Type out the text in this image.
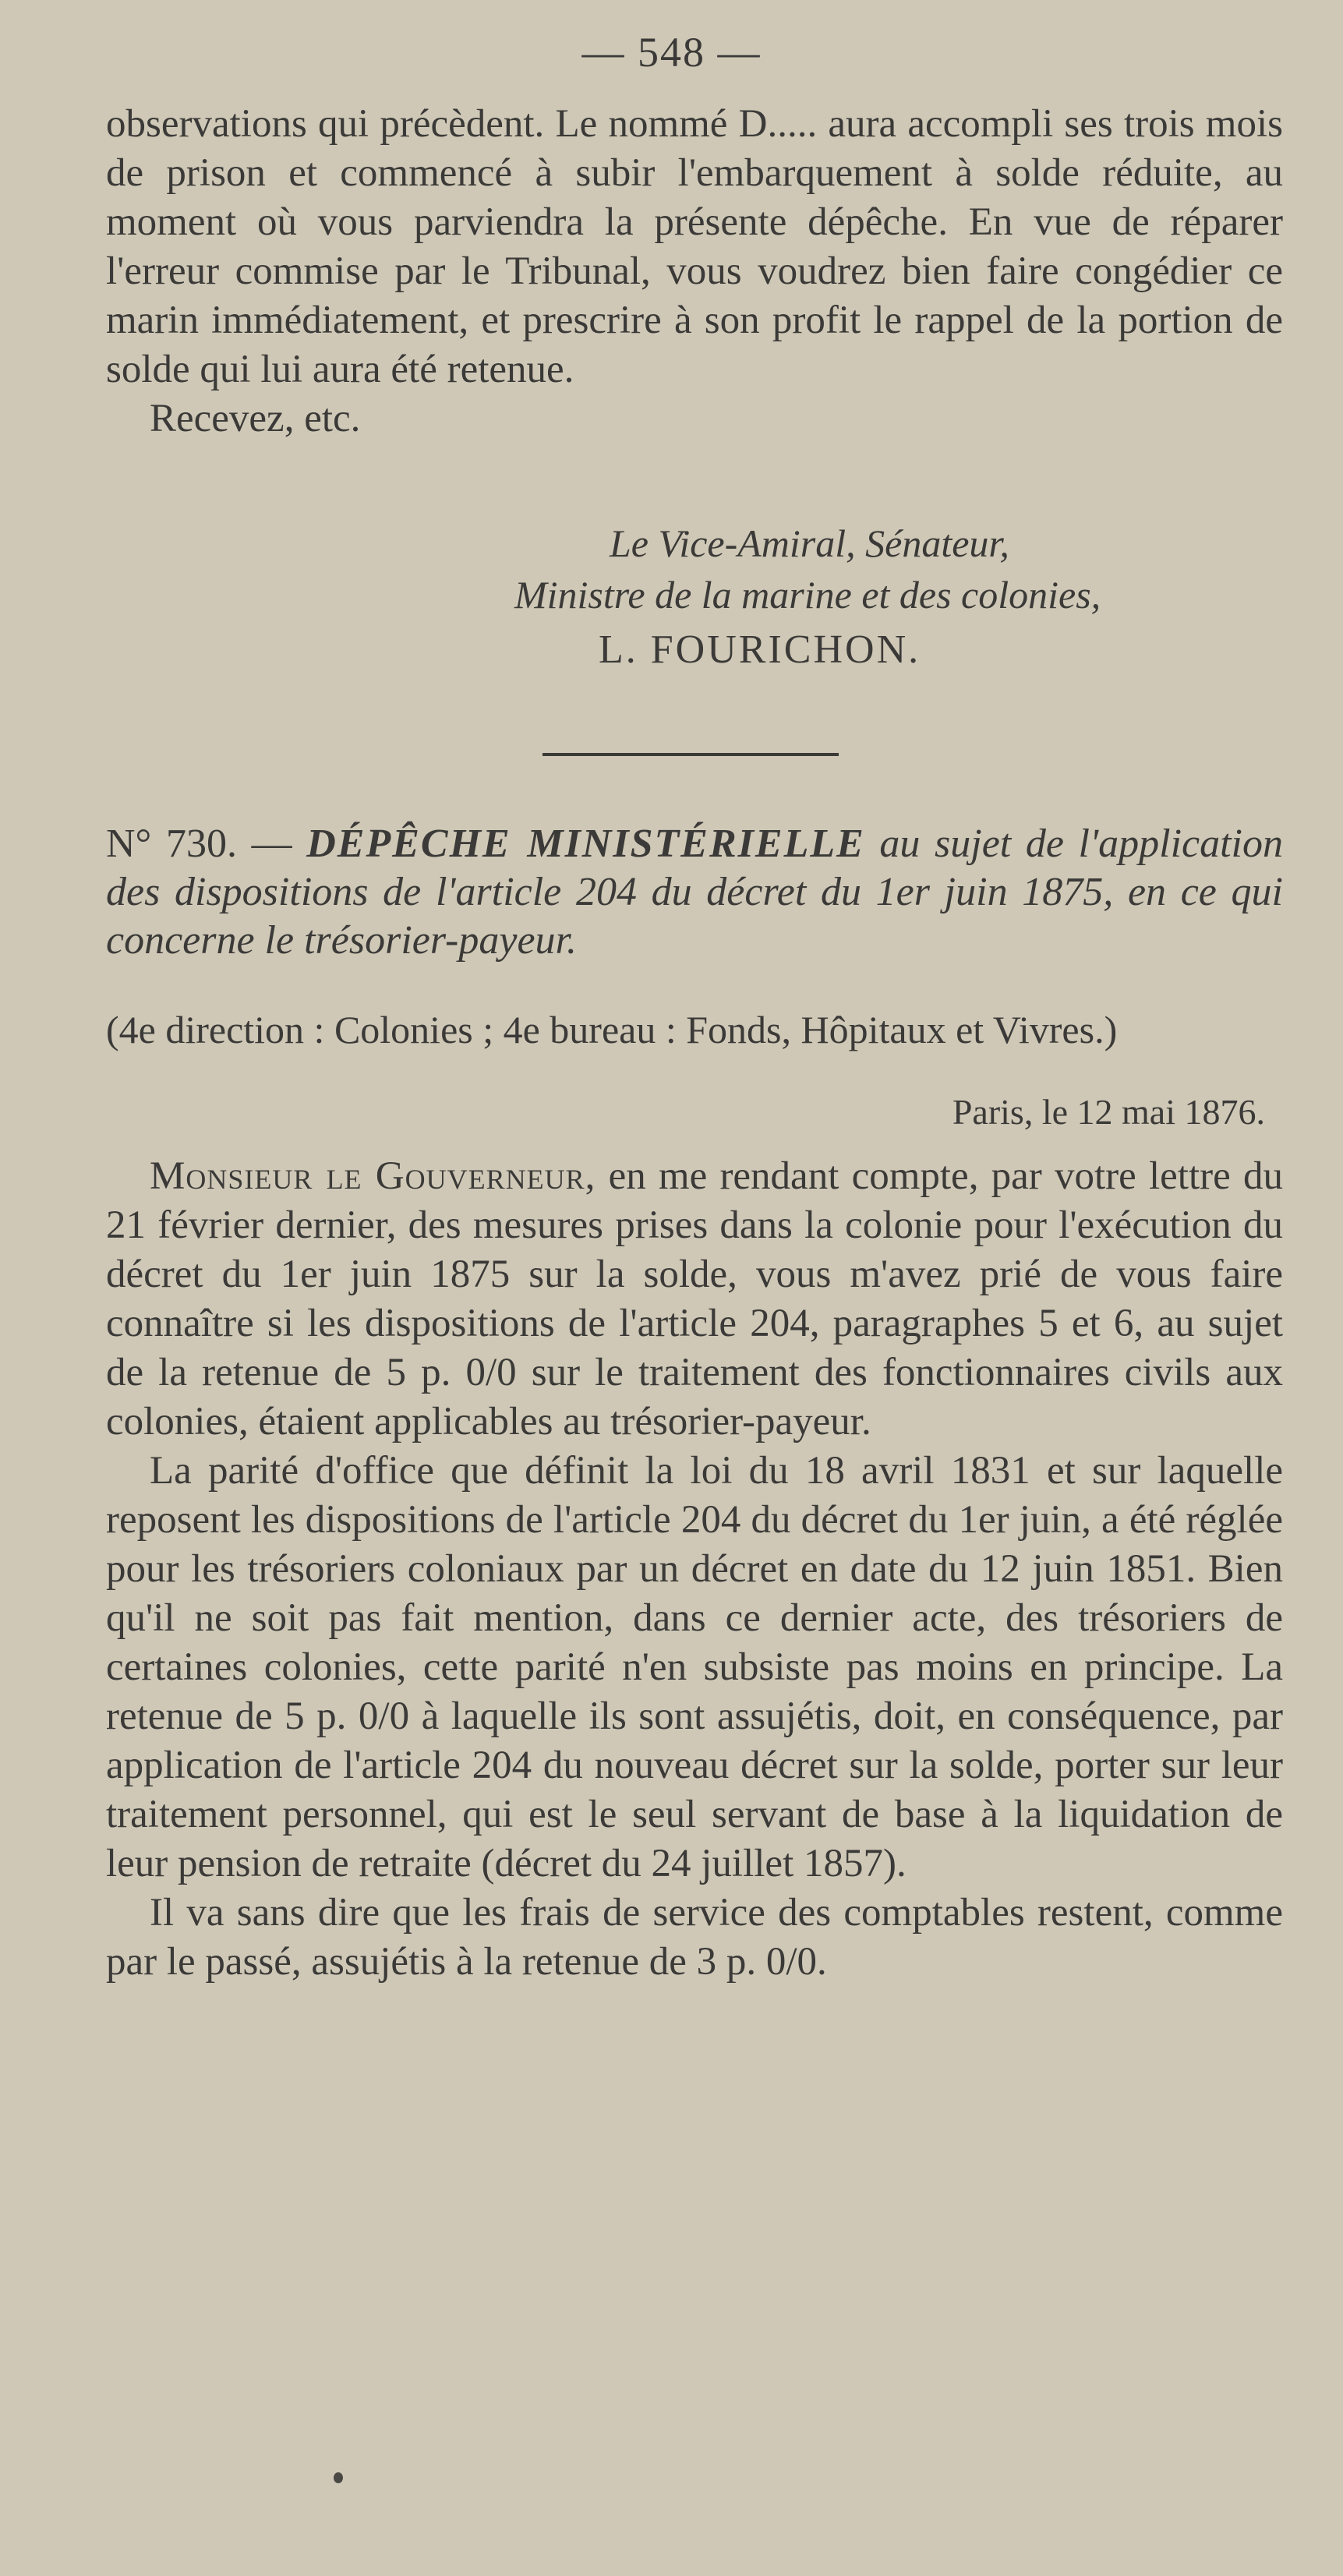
— 548 —

observations qui précèdent. Le nommé D..... aura accompli ses trois mois de prison et commencé à subir l'embarquement à solde réduite, au moment où vous parviendra la présente dépêche. En vue de réparer l'erreur commise par le Tribunal, vous voudrez bien faire congédier ce marin immédiatement, et prescrire à son profit le rappel de la portion de solde qui lui aura été retenue.

Recevez, etc.

Le Vice-Amiral, Sénateur,
Ministre de la marine et des colonies,
L. FOURICHON.
N° 730. — DÉPÊCHE MINISTÉRIELLE au sujet de l'application des dispositions de l'article 204 du décret du 1er juin 1875, en ce qui concerne le trésorier-payeur.
(4e direction : Colonies ; 4e bureau : Fonds, Hôpitaux et Vivres.)
Paris, le 12 mai 1876.

Monsieur le Gouverneur, en me rendant compte, par votre lettre du 21 février dernier, des mesures prises dans la colonie pour l'exécution du décret du 1er juin 1875 sur la solde, vous m'avez prié de vous faire connaître si les dispositions de l'article 204, paragraphes 5 et 6, au sujet de la retenue de 5 p. 0/0 sur le traitement des fonctionnaires civils aux colonies, étaient applicables au trésorier-payeur.

La parité d'office que définit la loi du 18 avril 1831 et sur laquelle reposent les dispositions de l'article 204 du décret du 1er juin, a été réglée pour les trésoriers coloniaux par un décret en date du 12 juin 1851. Bien qu'il ne soit pas fait mention, dans ce dernier acte, des trésoriers de certaines colonies, cette parité n'en subsiste pas moins en principe. La retenue de 5 p. 0/0 à laquelle ils sont assujétis, doit, en conséquence, par application de l'article 204 du nouveau décret sur la solde, porter sur leur traitement personnel, qui est le seul servant de base à la liquidation de leur pension de retraite (décret du 24 juillet 1857).

Il va sans dire que les frais de service des comptables restent, comme par le passé, assujétis à la retenue de 3 p. 0/0.
